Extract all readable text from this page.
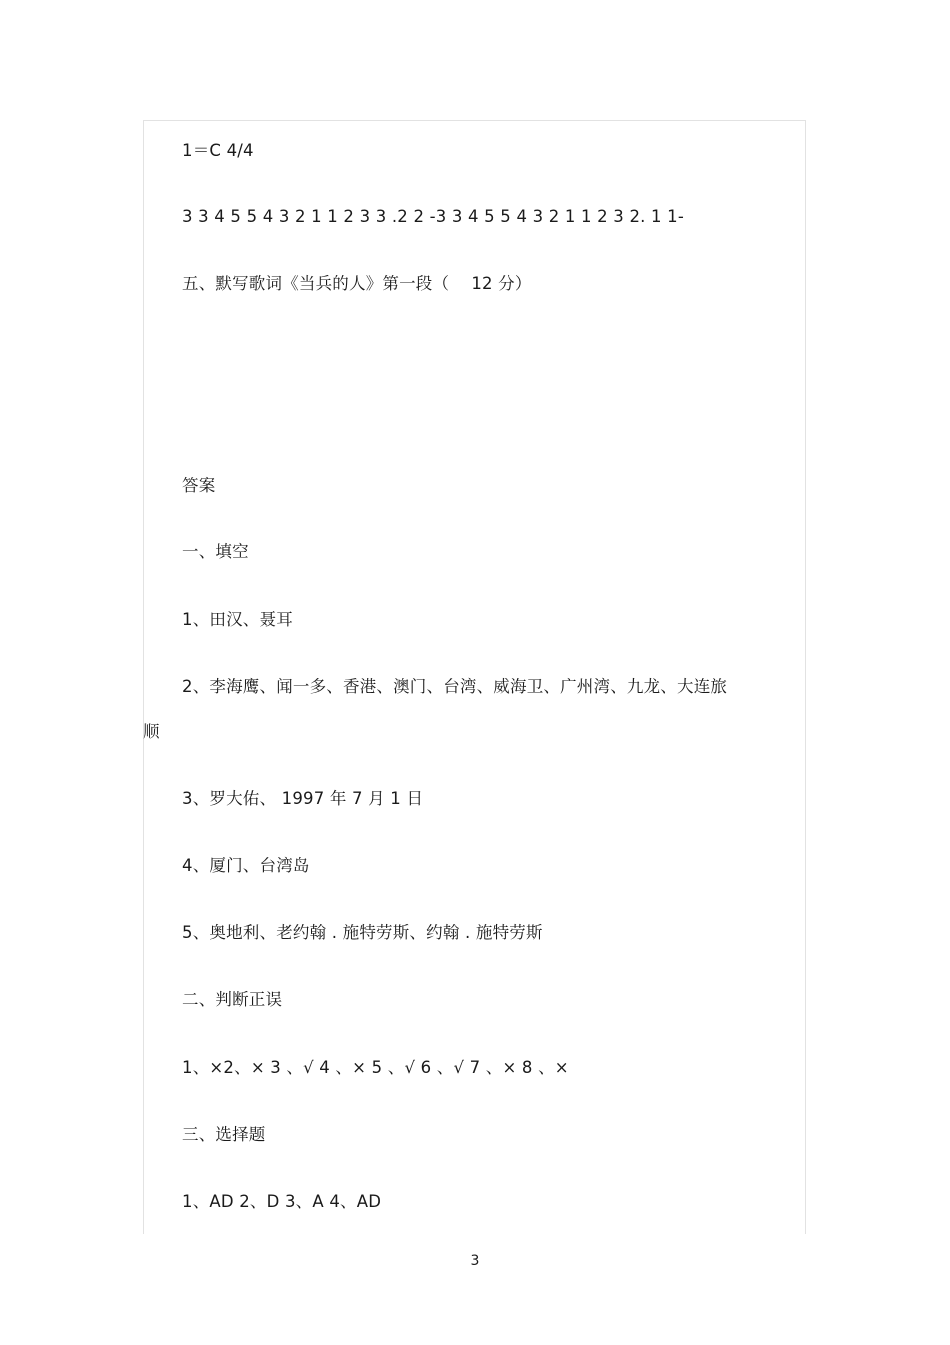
1＝C 4/4
3 3 4 5 5 4 3 2 1 1 2 3 3 .2 2 -3 3 4 5 5 4 3 2 1 1 2 3 2. 1 1-
五、默写歌词《当兵的人》第一段（　 12 分）
答案
一、填空
1、田汉、聂耳
2、李海鹰、闻一多、香港、澳门、台湾、威海卫、广州湾、九龙、大连旅
顺
3、罗大佑、 1997 年 7 月 1 日
4、厦门、台湾岛
5、奥地利、老约翰 . 施特劳斯、约翰 . 施特劳斯
二、判断正误
1、×2、× 3 、√ 4 、× 5 、√ 6 、√ 7 、× 8 、×
三、选择题
1、AD 2、D 3、A 4、AD
3
